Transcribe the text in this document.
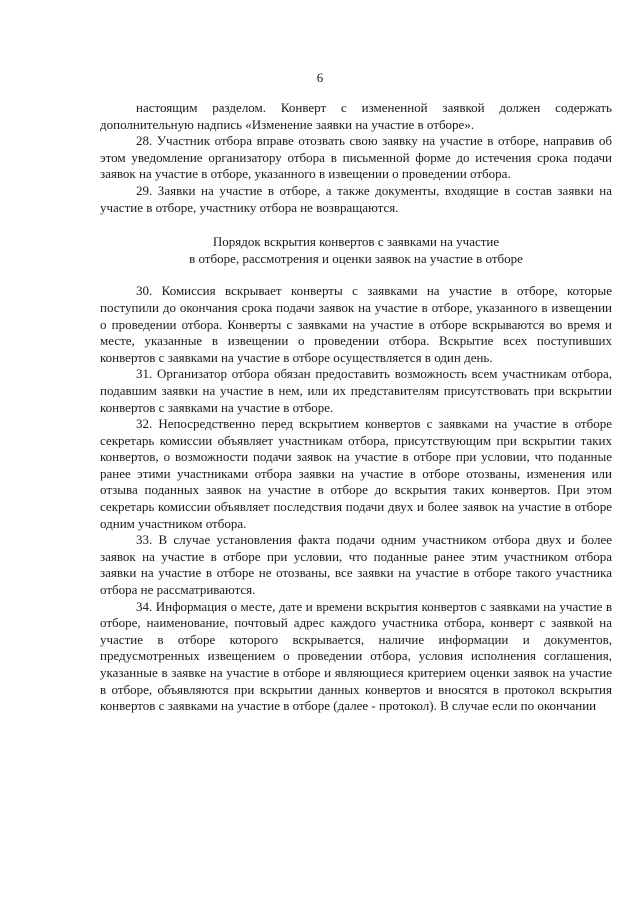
6

настоящим разделом. Конверт с измененной заявкой должен содержать дополнительную надпись «Изменение заявки на участие в отборе».

28. Участник отбора вправе отозвать свою заявку на участие в отборе, направив об этом уведомление организатору отбора в письменной форме до истечения срока подачи заявок на участие в отборе, указанного в извещении о проведении отбора.

29. Заявки на участие в отборе, а также документы, входящие в состав заявки на участие в отборе, участнику отбора не возвращаются.

Порядок вскрытия конвертов с заявками на участие
в отборе, рассмотрения и оценки заявок на участие в отборе

30. Комиссия вскрывает конверты с заявками на участие в отборе, которые поступили до окончания срока подачи заявок на участие в отборе, указанного в извещении о проведении отбора. Конверты с заявками на участие в отборе вскрываются во время и месте, указанные в извещении о проведении отбора. Вскрытие всех поступивших конвертов с заявками на участие в отборе осуществляется в один день.

31. Организатор отбора обязан предоставить возможность всем участникам отбора, подавшим заявки на участие в нем, или их представителям присутствовать при вскрытии конвертов с заявками на участие в отборе.

32. Непосредственно перед вскрытием конвертов с заявками на участие в отборе секретарь комиссии объявляет участникам отбора, присутствующим при вскрытии таких конвертов, о возможности подачи заявок на участие в отборе при условии, что поданные ранее этими участниками отбора заявки на участие в отборе отозваны, изменения или отзыва поданных заявок на участие в отборе до вскрытия таких конвертов. При этом секретарь комиссии объявляет последствия подачи двух и более заявок на участие в отборе одним участником отбора.

33. В случае установления факта подачи одним участником отбора двух и более заявок на участие в отборе при условии, что поданные ранее этим участником отбора заявки на участие в отборе не отозваны, все заявки на участие в отборе такого участника отбора не рассматриваются.

34. Информация о месте, дате и времени вскрытия конвертов с заявками на участие в отборе, наименование, почтовый адрес каждого участника отбора, конверт с заявкой на участие в отборе которого вскрывается, наличие информации и документов, предусмотренных извещением о проведении отбора, условия исполнения соглашения, указанные в заявке на участие в отборе и являющиеся критерием оценки заявок на участие в отборе, объявляются при вскрытии данных конвертов и вносятся в протокол вскрытия конвертов с заявками на участие в отборе (далее - протокол). В случае если по окончании
